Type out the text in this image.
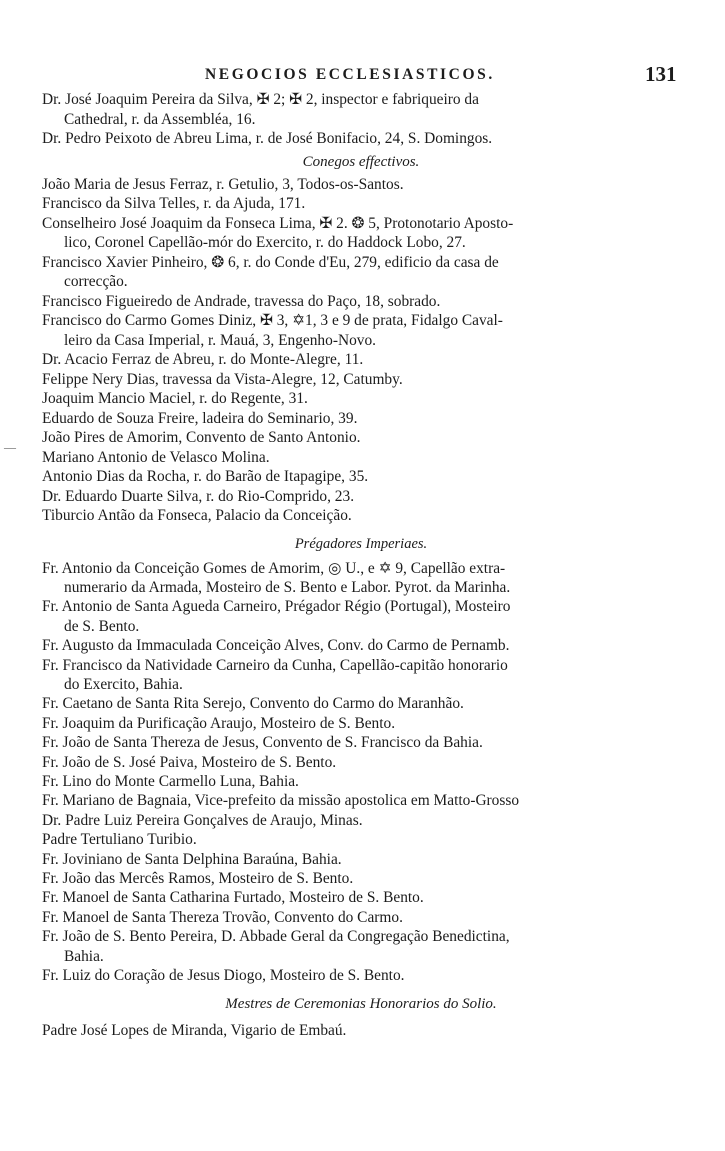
NEGOCIOS ECCLESIASTICOS.	131
—
Dr. José Joaquim Pereira da Silva, ✠ 2; ✠ 2, inspector e fabriqueiro da
Cathedral, r. da Assembléa, 16.
Dr. Pedro Peixoto de Abreu Lima, r. de José Bonifacio, 24, S. Domingos.
Conegos effectivos.
João Maria de Jesus Ferraz, r. Getulio, 3, Todos-os-Santos.
Francisco da Silva Telles, r. da Ajuda, 171.
Conselheiro José Joaquim da Fonseca Lima, ✠ 2. ❂ 5, Protonotario Aposto-
lico, Coronel Capellão-mór do Exercito, r. do Haddock Lobo, 27.
Francisco Xavier Pinheiro, ❂ 6, r. do Conde d'Eu, 279, edificio da casa de
correcção.
Francisco Figueiredo de Andrade, travessa do Paço, 18, sobrado.
Francisco do Carmo Gomes Diniz, ✠ 3, ✡1, 3 e 9 de prata, Fidalgo Caval-
leiro da Casa Imperial, r. Mauá, 3, Engenho-Novo.
Dr. Acacio Ferraz de Abreu, r. do Monte-Alegre, 11.
Felippe Nery Dias, travessa da Vista-Alegre, 12, Catumby.
Joaquim Mancio Maciel, r. do Regente, 31.
Eduardo de Souza Freire, ladeira do Seminario, 39.
João Pires de Amorim, Convento de Santo Antonio.
Mariano Antonio de Velasco Molina.
Antonio Dias da Rocha, r. do Barão de Itapagipe, 35.
Dr. Eduardo Duarte Silva, r. do Rio-Comprido, 23.
Tiburcio Antão da Fonseca, Palacio da Conceição.
Prégadores Imperiaes.
Fr. Antonio da Conceição Gomes de Amorim, ◎ U., e ✡ 9, Capellão extra-
numerario da Armada, Mosteiro de S. Bento e Labor. Pyrot. da Marinha.
Fr. Antonio de Santa Agueda Carneiro, Prégador Régio (Portugal), Mosteiro
de S. Bento.
Fr. Augusto da Immaculada Conceição Alves, Conv. do Carmo de Pernamb.
Fr. Francisco da Natividade Carneiro da Cunha, Capellão-capitão honorario
do Exercito, Bahia.
Fr. Caetano de Santa Rita Serejo, Convento do Carmo do Maranhão.
Fr. Joaquim da Purificação Araujo, Mosteiro de S. Bento.
Fr. João de Santa Thereza de Jesus, Convento de S. Francisco da Bahia.
Fr. João de S. José Paiva, Mosteiro de S. Bento.
Fr. Lino do Monte Carmello Luna, Bahia.
Fr. Mariano de Bagnaia, Vice-prefeito da missão apostolica em Matto-Grosso
Dr. Padre Luiz Pereira Gonçalves de Araujo, Minas.
Padre Tertuliano Turibio.
Fr. Joviniano de Santa Delphina Baraúna, Bahia.
Fr. João das Mercês Ramos, Mosteiro de S. Bento.
Fr. Manoel de Santa Catharina Furtado, Mosteiro de S. Bento.
Fr. Manoel de Santa Thereza Trovão, Convento do Carmo.
Fr. João de S. Bento Pereira, D. Abbade Geral da Congregação Benedictina,
Bahia.
Fr. Luiz do Coração de Jesus Diogo, Mosteiro de S. Bento.
Mestres de Ceremonias Honorarios do Solio.
Padre José Lopes de Miranda, Vigario de Embaú.
